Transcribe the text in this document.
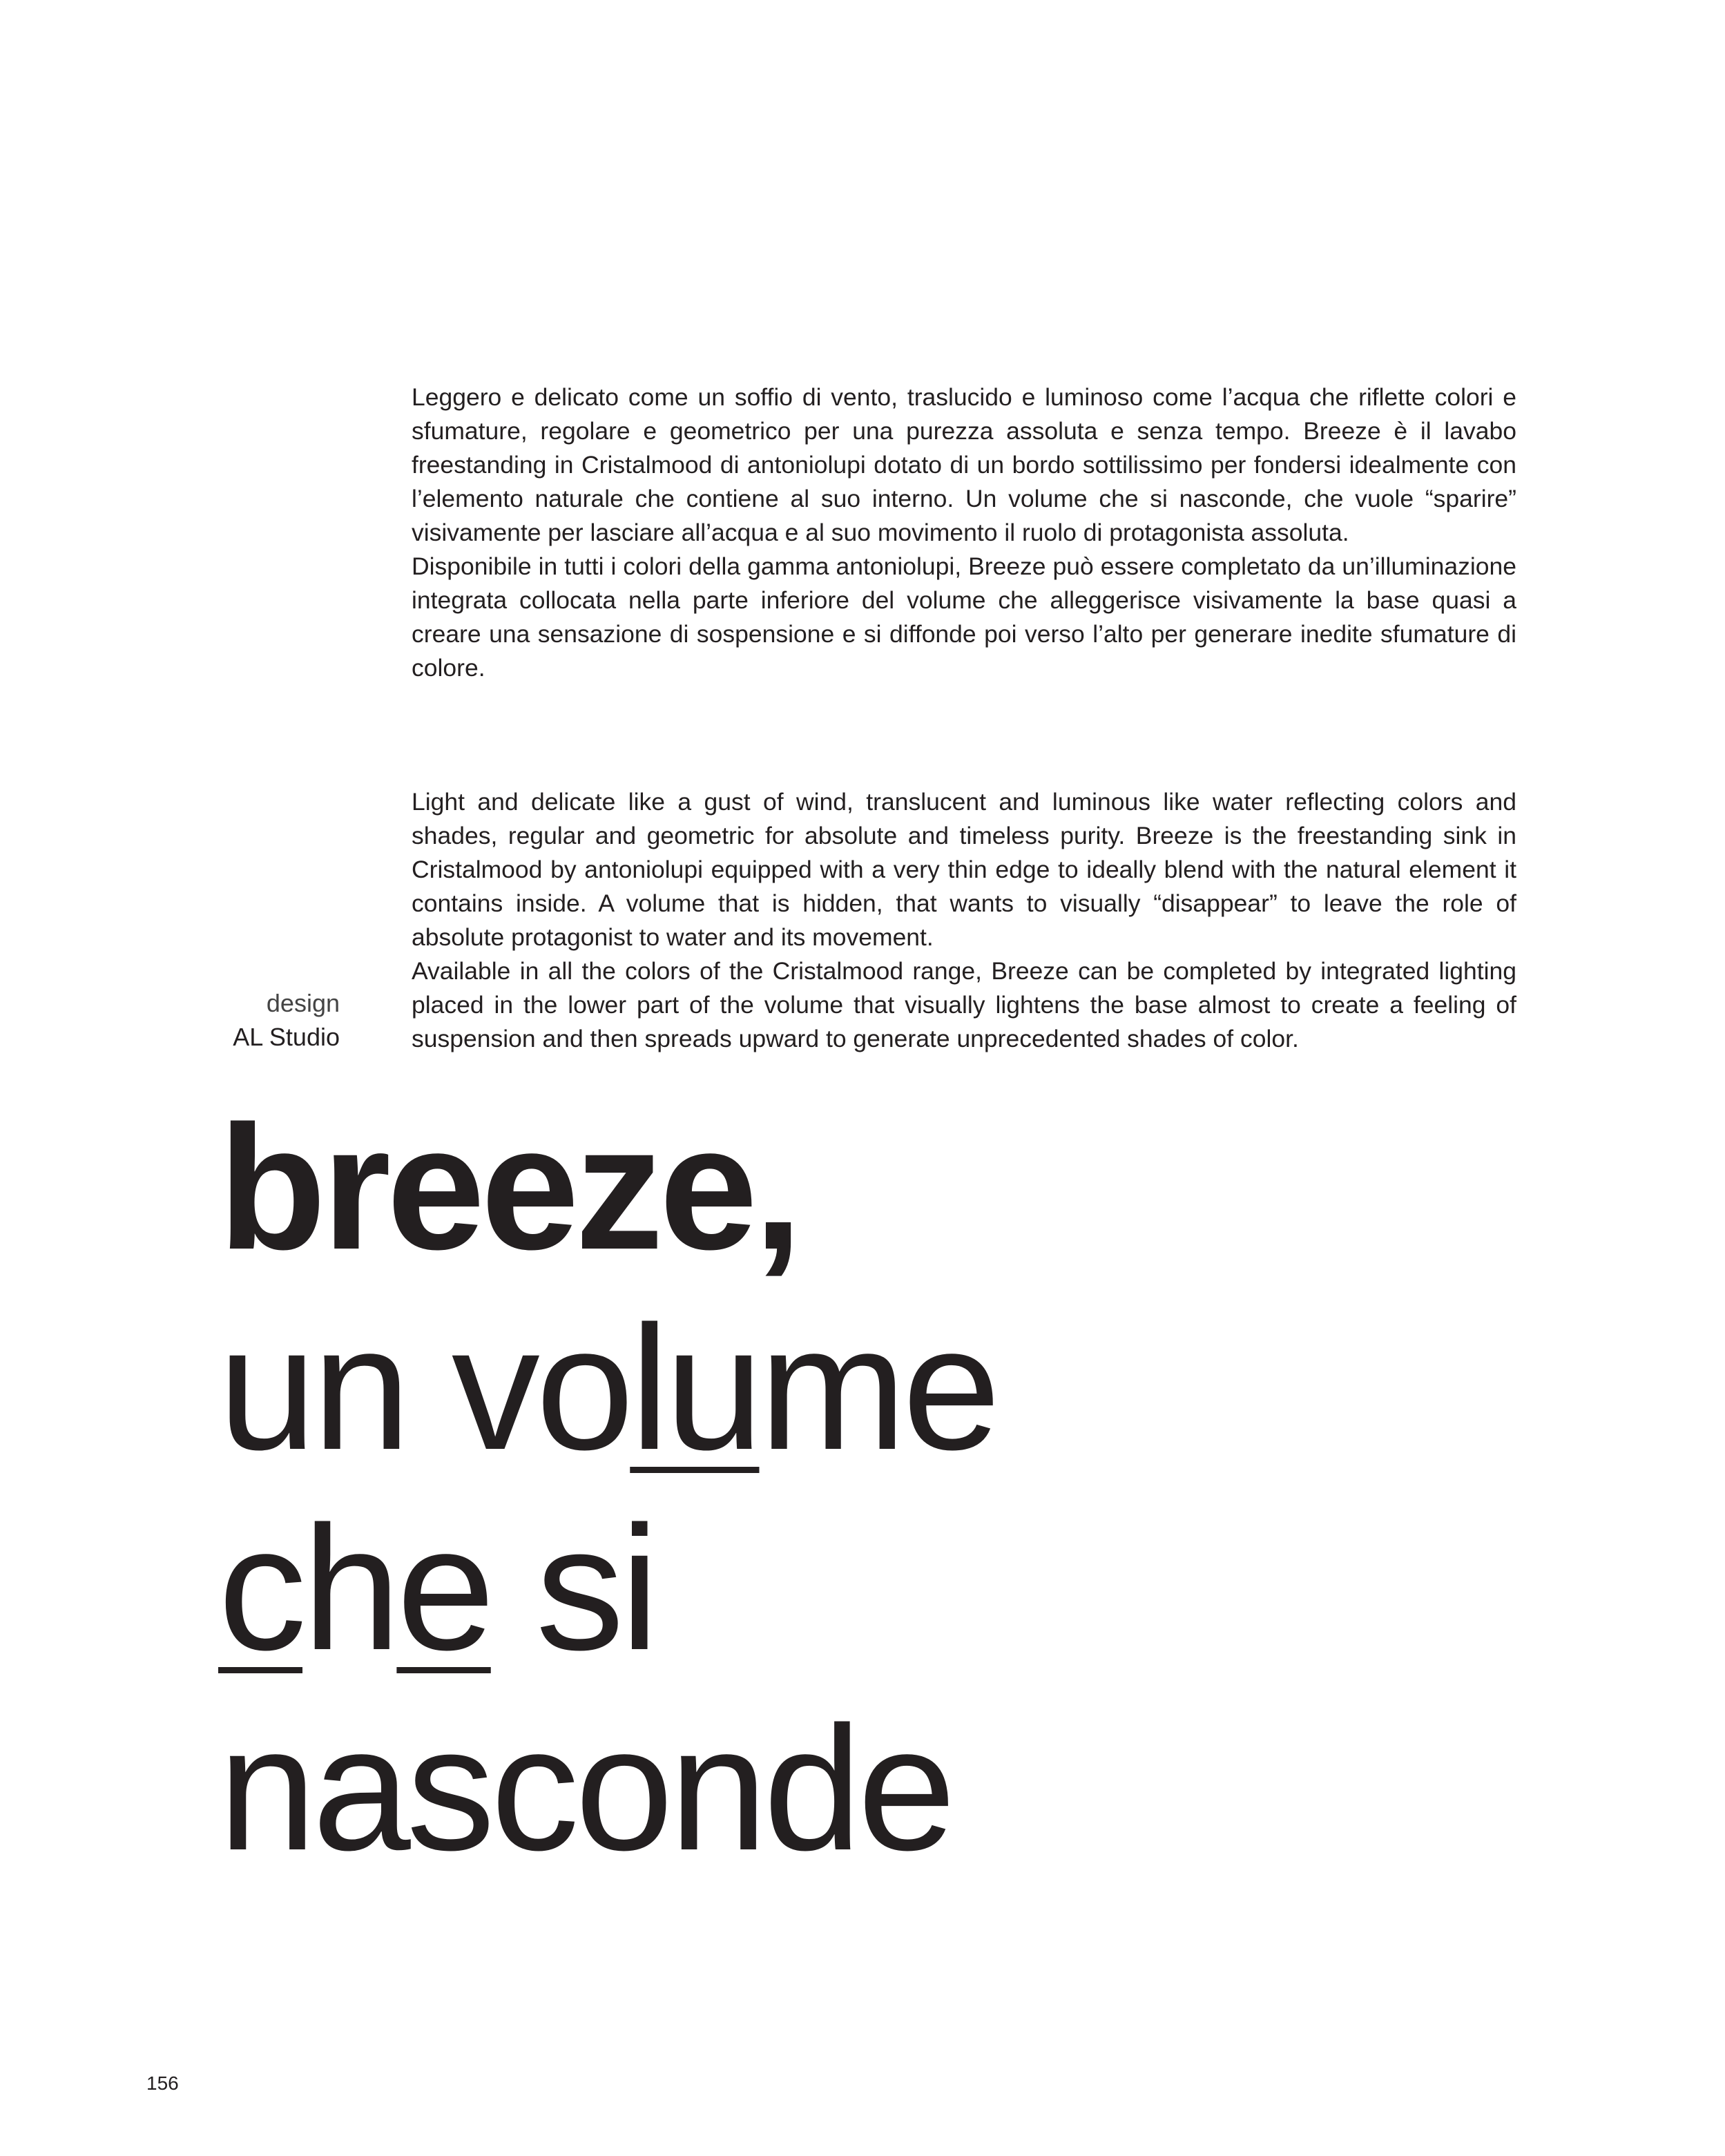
Leggero e delicato come un soffio di vento, traslucido e luminoso come l’acqua che riflette colori e sfumature, regolare e geometrico per una purezza assoluta e senza tempo. Breeze è il lavabo freestanding in Cristalmood di antoniolupi dotato di un bordo sottilissimo per fondersi idealmente con l’elemento naturale che contiene al suo interno. Un volume che si nasconde, che vuole “sparire” visivamente per lasciare all’acqua e al suo movimento il ruolo di protagonista assoluta.

Disponibile in tutti i colori della gamma antoniolupi, Breeze può essere completato da un’illuminazione integrata collocata nella parte inferiore del volume che alleggerisce visivamente la base quasi a creare una sensazione di sospensione e si diffonde poi verso l’alto per generare inedite sfumature di colore.

Light and delicate like a gust of wind, translucent and luminous like water reflecting colors and shades, regular and geometric for absolute and timeless purity. Breeze is the freestanding sink in Cristalmood by antoniolupi equipped with a very thin edge to ideally blend with the natural element it contains inside. A volume that is hidden, that wants to visually “disappear” to leave the role of absolute protagonist to water and its movement.

Available in all the colors of the Cristalmood range, Breeze can be completed by integrated lighting placed in the lower part of the volume that visually lightens the base almost to create a feeling of suspension and then spreads upward to generate unprecedented shades of color.

design
AL Studio
breeze,
un volume
che si
nasconde
156
